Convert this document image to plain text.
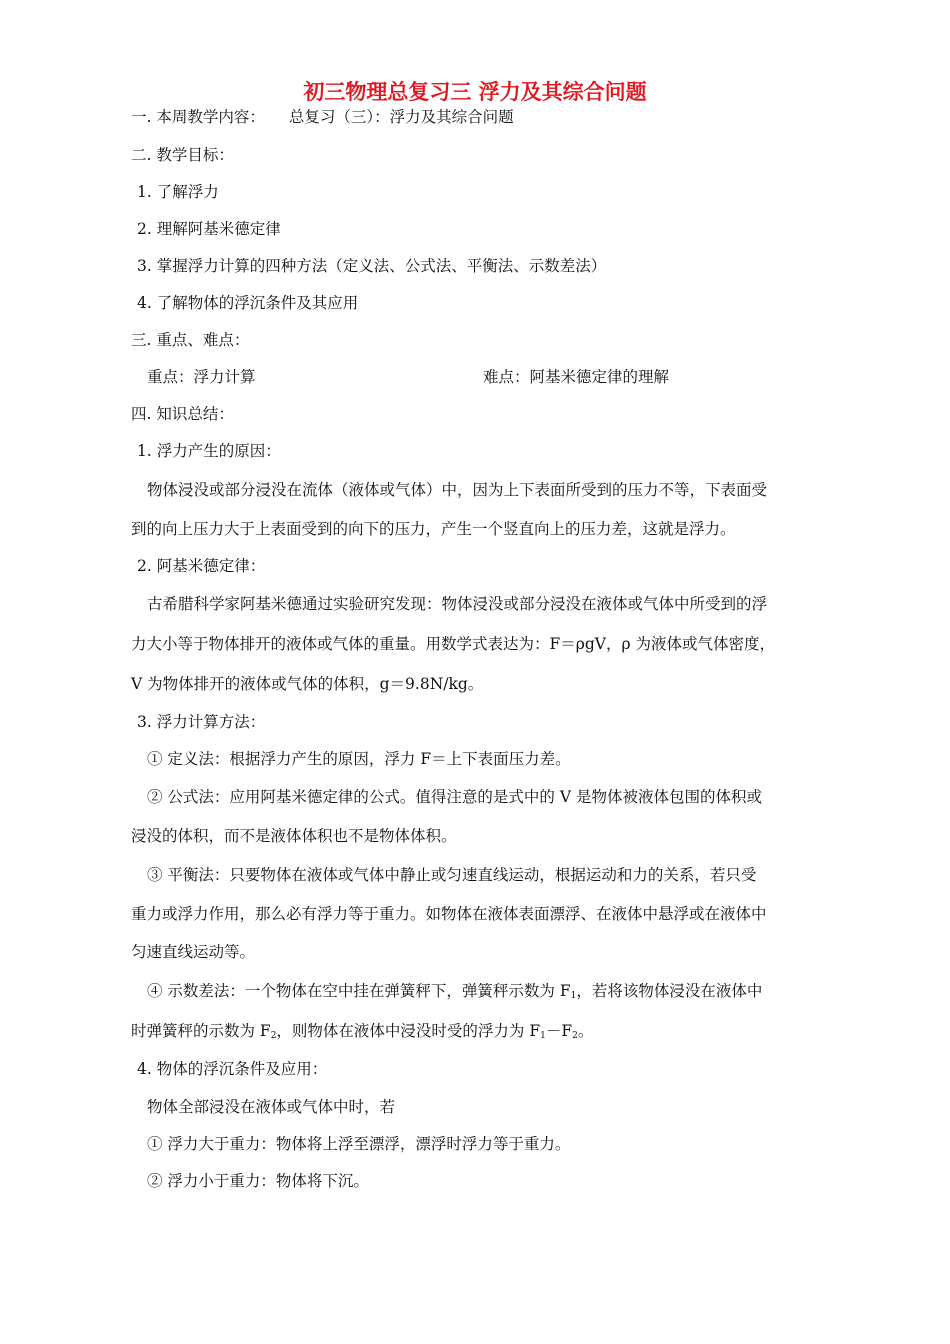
初三物理总复习三 浮力及其综合问题
一. 本周教学内容： 总复习（三）：浮力及其综合问题
二. 教学目标：
1. 了解浮力
2. 理解阿基米德定律
3. 掌握浮力计算的四种方法（定义法、公式法、平衡法、示数差法）
4. 了解物体的浮沉条件及其应用
三. 重点、难点：
重点：浮力计算	难点：阿基米德定律的理解
四. 知识总结：
1. 浮力产生的原因：
物体浸没或部分浸没在流体（液体或气体）中，因为上下表面所受到的压力不等，下表面受
到的向上压力大于上表面受到的向下的压力，产生一个竖直向上的压力差，这就是浮力。
2. 阿基米德定律：
古希腊科学家阿基米德通过实验研究发现：物体浸没或部分浸没在液体或气体中所受到的浮
力大小等于物体排开的液体或气体的重量。用数学式表达为：F＝ρgV，ρ 为液体或气体密度，
V 为物体排开的液体或气体的体积，g＝9.8N/kg。
3. 浮力计算方法：
① 定义法：根据浮力产生的原因，浮力 F＝上下表面压力差。
② 公式法：应用阿基米德定律的公式。值得注意的是式中的 V 是物体被液体包围的体积或
浸没的体积，而不是液体体积也不是物体体积。
③ 平衡法：只要物体在液体或气体中静止或匀速直线运动，根据运动和力的关系，若只受
重力或浮力作用，那么必有浮力等于重力。如物体在液体表面漂浮、在液体中悬浮或在液体中
匀速直线运动等。
④ 示数差法：一个物体在空中挂在弹簧秤下，弹簧秤示数为 $F_1$，若将该物体浸没在液体中
时弹簧秤的示数为 $F_2$，则物体在液体中浸没时受的浮力为 $F_1-F_2$。
4. 物体的浮沉条件及应用：
物体全部浸没在液体或气体中时，若
① 浮力大于重力：物体将上浮至漂浮，漂浮时浮力等于重力。
② 浮力小于重力：物体将下沉。
